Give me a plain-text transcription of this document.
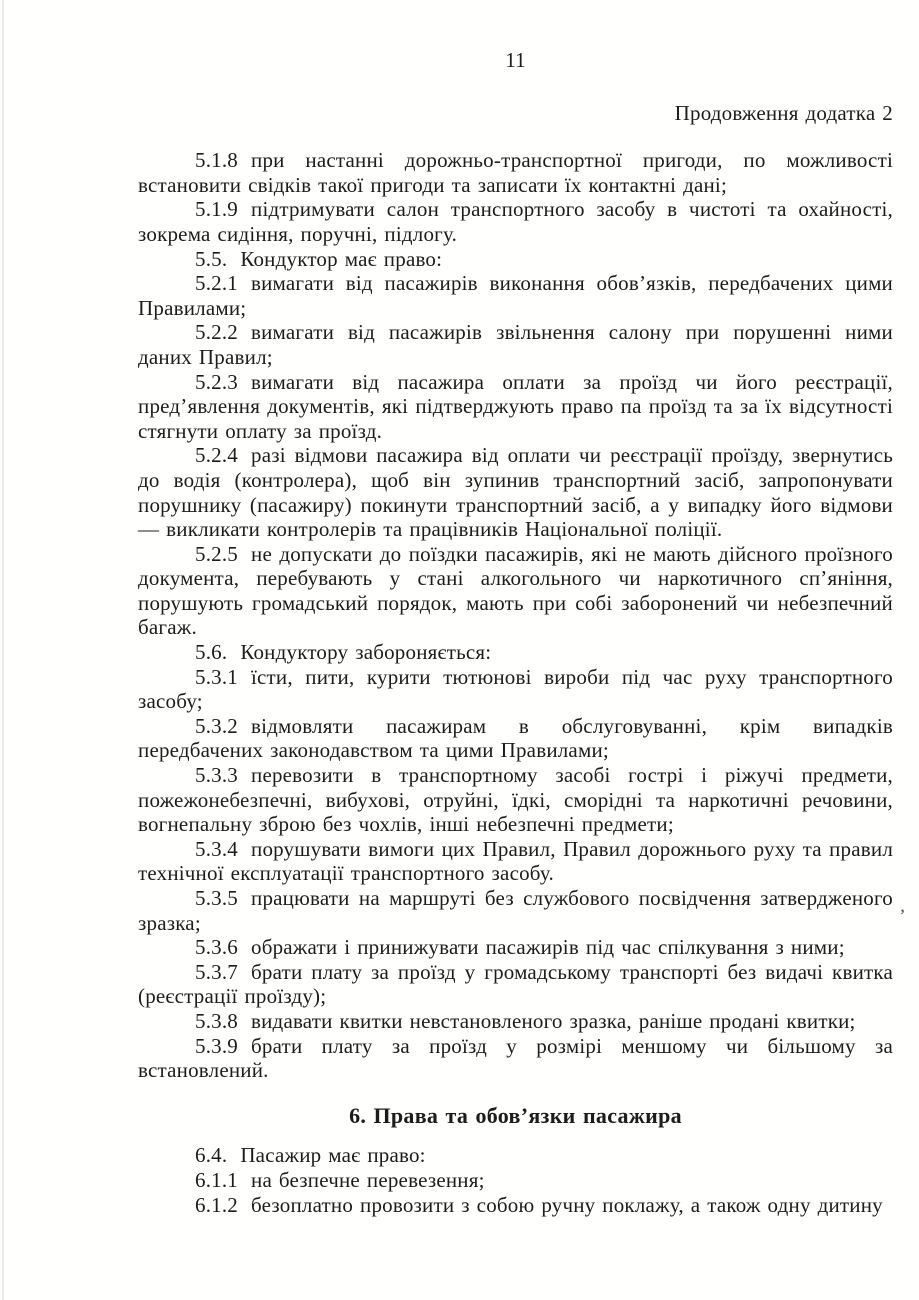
11
Продовження додатка 2

5.1.8 при настанні дорожньо-транспортної пригоди, по можливості встановити свідків такої пригоди та записати їх контактні дані;

5.1.9 підтримувати салон транспортного засобу в чистоті та охайності, зокрема сидіння, поручні, підлогу.

5.5. Кондуктор має право:

5.2.1 вимагати від пасажирів виконання обов’язків, передбачених цими Правилами;

5.2.2 вимагати від пасажирів звільнення салону при порушенні ними даних Правил;

5.2.3 вимагати від пасажира оплати за проїзд чи його реєстрації, пред’явлення документів, які підтверджують право па проїзд та за їх відсутності стягнути оплату за проїзд.

5.2.4 разі відмови пасажира від оплати чи реєстрації проїзду, звернутись до водія (контролера), щоб він зупинив транспортний засіб, запропонувати порушнику (пасажиру) покинути транспортний засіб, а у випадку його відмови — викликати контролерів та працівників Національної поліції.

5.2.5 не допускати до поїздки пасажирів, які не мають дійсного проїзного документа, перебувають у стані алкогольного чи наркотичного сп’яніння, порушують громадський порядок, мають при собі заборонений чи небезпечний багаж.

5.6. Кондуктору забороняється:

5.3.1 їсти, пити, курити тютюнові вироби під час руху транспортного засобу;

5.3.2 відмовляти пасажирам в обслуговуванні, крім випадків передбачених законодавством та цими Правилами;

5.3.3 перевозити в транспортному засобі гострі і ріжучі предмети, пожежонебезпечні, вибухові, отруйні, їдкі, сморідні та наркотичні речовини, вогнепальну зброю без чохлів, інші небезпечні предмети;

5.3.4 порушувати вимоги цих Правил, Правил дорожнього руху та правил технічної експлуатації транспортного засобу.

5.3.5 працювати на маршруті без службового посвідчення затвердженого зразка;

5.3.6 ображати і принижувати пасажирів під час спілкування з ними;

5.3.7 брати плату за проїзд у громадському транспорті без видачі квитка (реєстрації проїзду);

5.3.8 видавати квитки невстановленого зразка, раніше продані квитки;

5.3.9 брати плату за проїзд у розмірі меншому чи більшому за встановлений.

6. Права та обов’язки пасажира

6.4. Пасажир має право:

6.1.1 на безпечне перевезення;

6.1.2 безоплатно провозити з собою ручну поклажу, а також одну дитину

’
